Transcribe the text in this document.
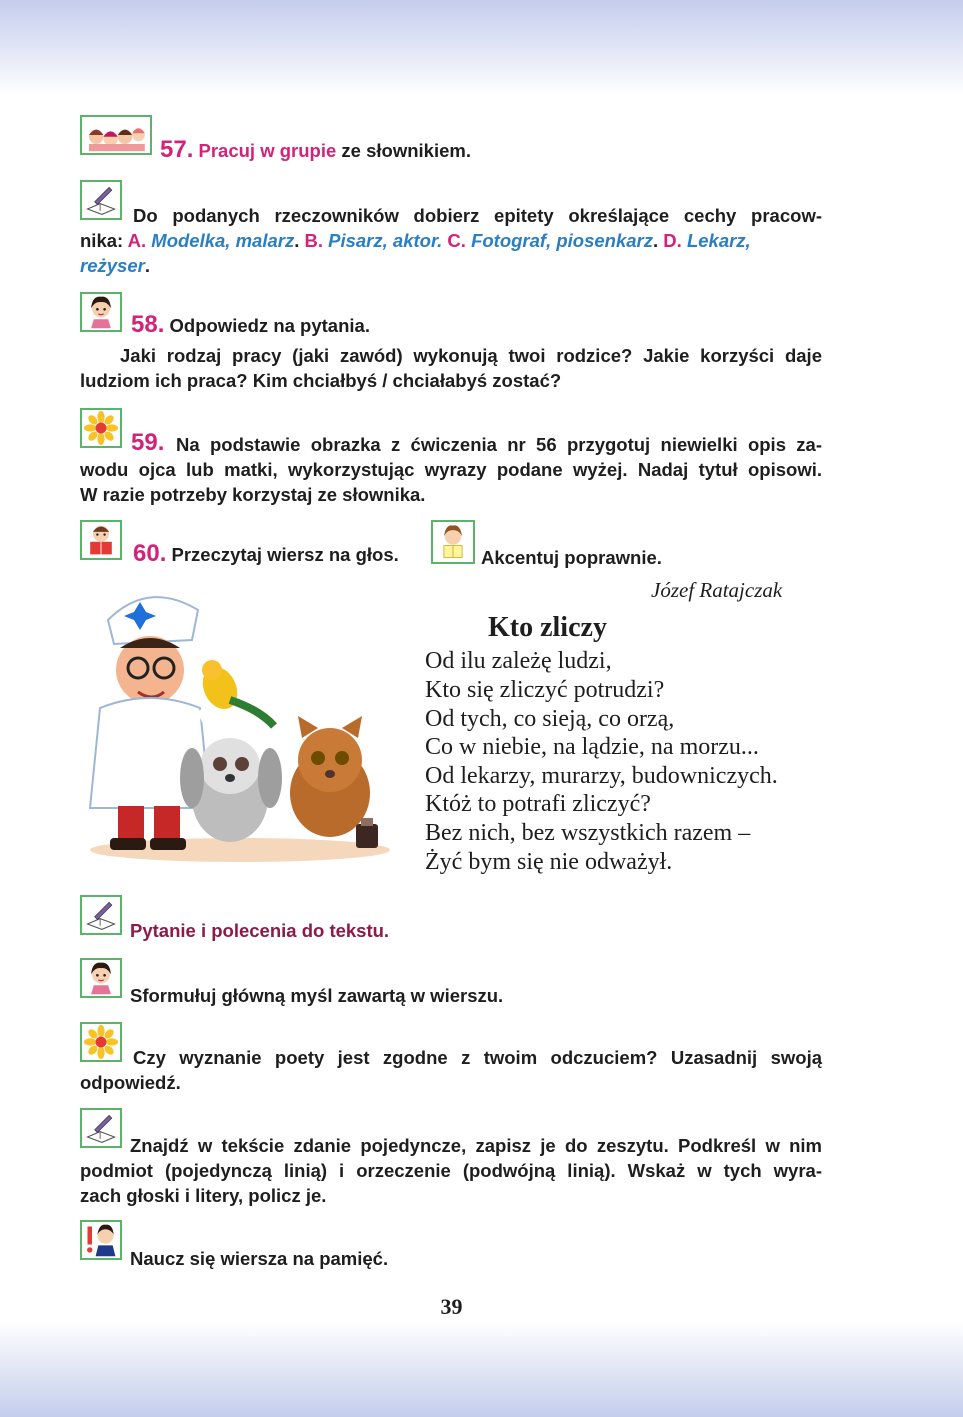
57. Pracuj w grupie ze słownikiem.
Do podanych rzeczowników dobierz epitety określające cechy pracow-
nika: A. Modelka, malarz. B. Pisarz, aktor. C. Fotograf, piosenkarz. D. Lekarz,
reżyser.
58. Odpowiedz na pytania.
Jaki rodzaj pracy (jaki zawód) wykonują twoi rodzice? Jakie korzyści daje
ludziom ich praca? Kim chciałbyś / chciałabyś zostać?
59. Na podstawie obrazka z ćwiczenia nr 56 przygotuj niewielki opis za-
wodu ojca lub matki, wykorzystując wyrazy podane wyżej. Nadaj tytuł opisowi.
W razie potrzeby korzystaj ze słownika.
60. Przeczytaj wiersz na głos.	Akcentuj poprawnie.
Józef Ratajczak
Kto zliczy
Od ilu zależę ludzi,
Kto się zliczyć potrudzi?
Od tych, co sieją, co orzą,
Co w niebie, na lądzie, na morzu...
Od lekarzy, murarzy, budowniczych.
Któż to potrafi zliczyć?
Bez nich, bez wszystkich razem –
Żyć bym się nie odważył.
Pytanie i polecenia do tekstu.
Sformułuj główną myśl zawartą w wierszu.
Czy wyznanie poety jest zgodne z twoim odczuciem? Uzasadnij swoją
odpowiedź.
Znajdź w tekście zdanie pojedyncze, zapisz je do zeszytu. Podkreśl w nim
podmiot (pojedynczą linią) i orzeczenie (podwójną linią). Wskaż w tych wyra-
zach głoski i litery, policz je.
Naucz się wiersza na pamięć.
39
